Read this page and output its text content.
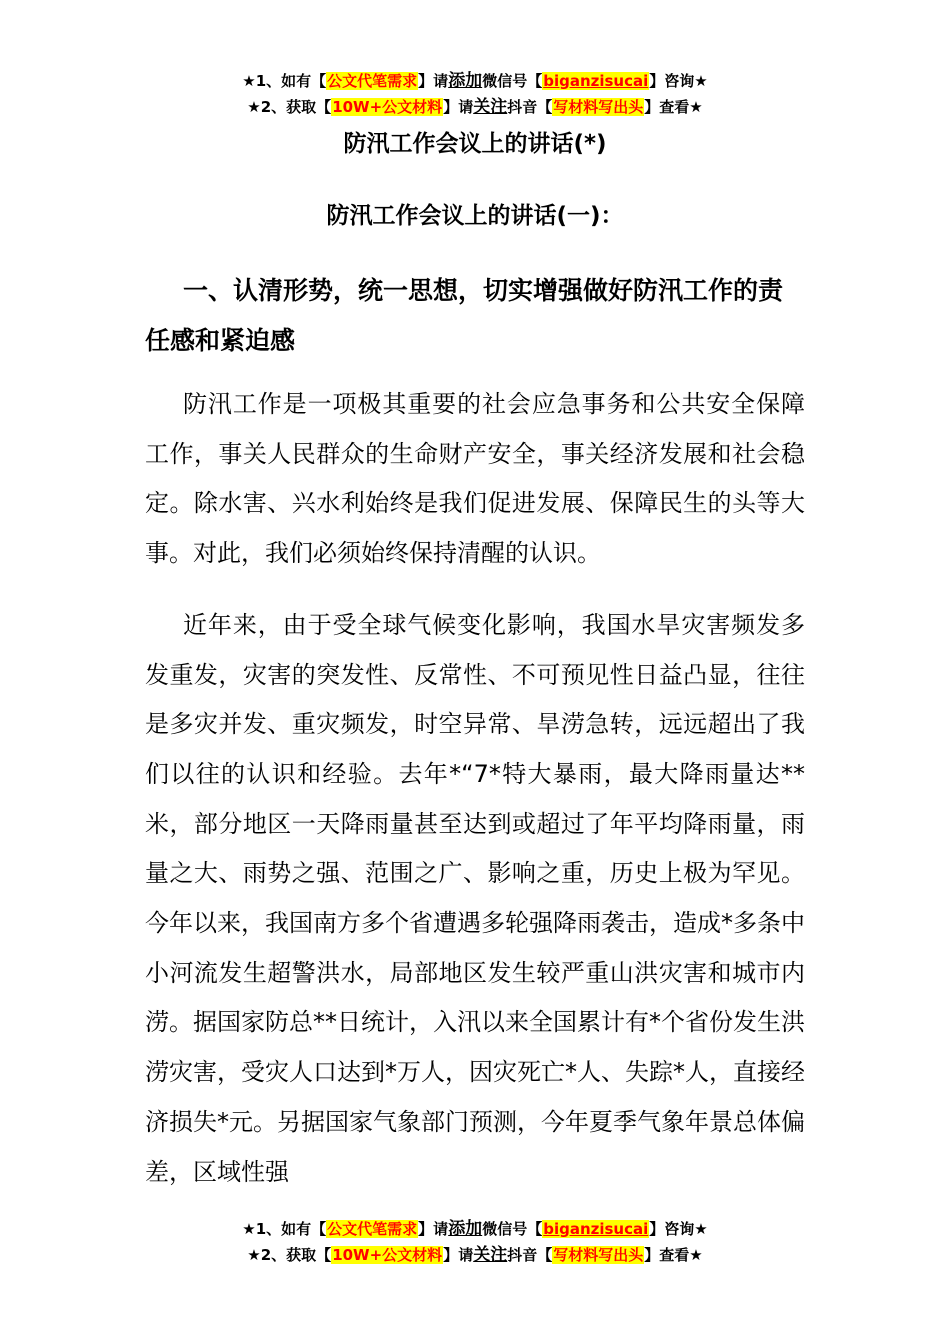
★1、如有【公文代笔需求】请添加微信号【biganzisucai】咨询★
★2、获取【10W+公文材料】请关注抖音【写材料写出头】查看★

防汛工作会议上的讲话(*)

防汛工作会议上的讲话(一)：

一、认清形势，统一思想，切实增强做好防汛工作的责任感和紧迫感

防汛工作是一项极其重要的社会应急事务和公共安全保障工作，事关人民群众的生命财产安全，事关经济发展和社会稳定。除水害、兴水利始终是我们促进发展、保障民生的头等大事。对此，我们必须始终保持清醒的认识。

近年来，由于受全球气候变化影响，我国水旱灾害频发多发重发，灾害的突发性、反常性、不可预见性日益凸显，往往是多灾并发、重灾频发，时空异常、旱涝急转，远远超出了我们以往的认识和经验。去年*“7*特大暴雨，最大降雨量达**米，部分地区一天降雨量甚至达到或超过了年平均降雨量，雨量之大、雨势之强、范围之广、影响之重，历史上极为罕见。今年以来，我国南方多个省遭遇多轮强降雨袭击，造成*多条中小河流发生超警洪水，局部地区发生较严重山洪灾害和城市内涝。据国家防总**日统计，入汛以来全国累计有*个省份发生洪涝灾害，受灾人口达到*万人，因灾死亡*人、失踪*人，直接经济损失*元。另据国家气象部门预测，今年夏季气象年景总体偏差，区域性强

★1、如有【公文代笔需求】请添加微信号【biganzisucai】咨询★
★2、获取【10W+公文材料】请关注抖音【写材料写出头】查看★
